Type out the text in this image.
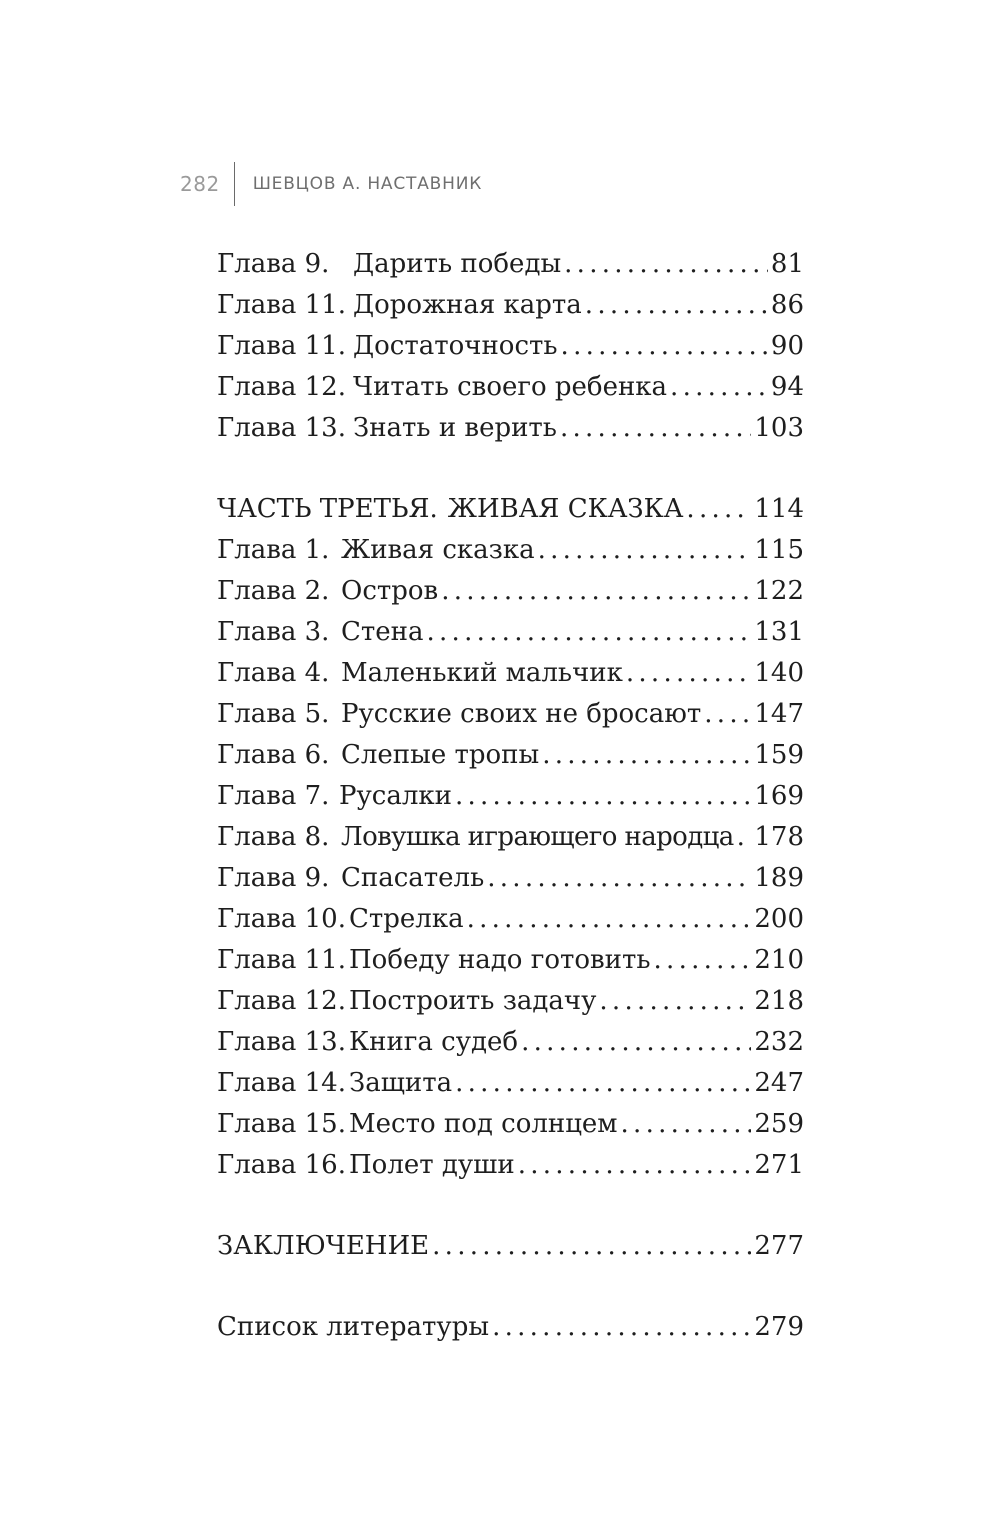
282 ШЕВЦОВ А. НАСТАВНИК
Глава 9. Дарить победы . . .	81
Глава 11. Дорожная карта . . .	86
Глава 11. Достаточность . . .	90
Глава 12. Читать своего ребенка . . .	94
Глава 13. Знать и верить . . .	103
ЧАСТЬ ТРЕТЬЯ. ЖИВАЯ СКАЗКА . . .	114
Глава 1. Живая сказка . . .	115
Глава 2. Остров . . .	122
Глава 3. Стена . . .	131
Глава 4. Маленький мальчик . . .	140
Глава 5. Русские своих не бросают . . . 147
Глава 6. Слепые тропы . . .	159
Глава 7. Русалки . . .	169
Глава 8. Ловушка играющего народца . . . 178
Глава 9. Спасатель . . .	189
Глава 10. Стрелка . . .	200
Глава 11. Победу надо готовить . . .	210
Глава 12. Построить задачу . . .	218
Глава 13. Книга судеб . . .	232
Глава 14. Защита . . .	247
Глава 15. Место под солнцем . . .	259
Глава 16. Полет души . . .	271
ЗАКЛЮЧЕНИЕ . . .	277
Список литературы . . .	279
